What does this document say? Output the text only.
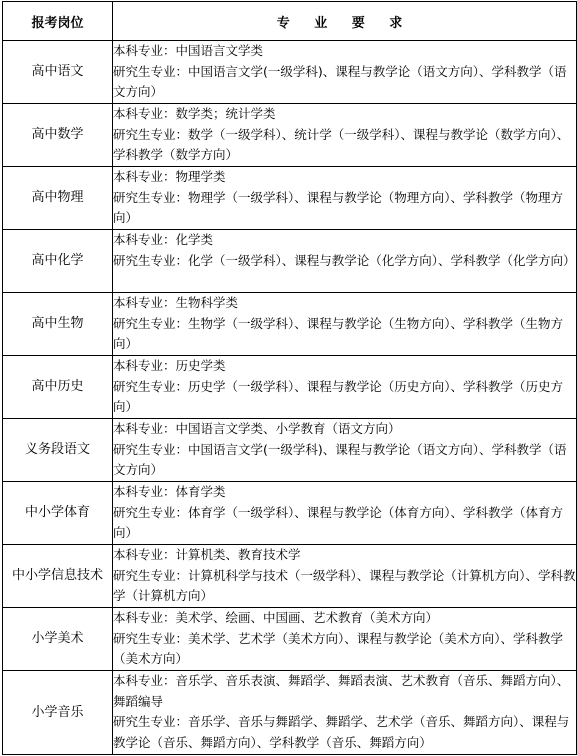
报考岗位	专 业 要 求
高中语文	本科专业：中国语言文学类
研究生专业：中国语言文学(一级学科)、课程与教学论（语文方向）、学科教学（语文方向）

高中数学	本科专业：数学类；统计学类
研究生专业：数学（一级学科）、统计学（一级学科）、课程与教学论（数学方向）、学科教学（数学方向）

高中物理	本科专业：物理学类
研究生专业：物理学（一级学科）、课程与教学论（物理方向）、学科教学（物理方向）

高中化学	本科专业：化学类
研究生专业：化学（一级学科）、课程与教学论（化学方向）、学科教学（化学方向）

高中生物	本科专业：生物科学类
研究生专业：生物学（一级学科）、课程与教学论（生物方向）、学科教学（生物方向）

高中历史	本科专业：历史学类
研究生专业：历史学（一级学科）、课程与教学论（历史方向）、学科教学（历史方向）

义务段语文	本科专业：中国语言文学类、小学教育（语文方向）
研究生专业：中国语言文学(一级学科)、课程与教学论（语文方向）、学科教学（语文方向）

中小学体育	本科专业：体育学类
研究生专业：体育学（一级学科）、课程与教学论（体育方向）、学科教学（体育方向）

中小学信息技术	本科专业：计算机类、教育技术学
研究生专业：计算机科学与技术（一级学科）、课程与教学论（计算机方向）、学科教学（计算机方向）

小学美术	本科专业：美术学、绘画、中国画、艺术教育（美术方向）
研究生专业：美术学、艺术学（美术方向）、课程与教学论（美术方向）、学科教学（美术方向）

小学音乐	本科专业：音乐学、音乐表演、舞蹈学、舞蹈表演、艺术教育（音乐、舞蹈方向）、舞蹈编导
研究生专业：音乐学、音乐与舞蹈学、舞蹈学、艺术学（音乐、舞蹈方向）、课程与教学论（音乐、舞蹈方向）、学科教学（音乐、舞蹈方向）
